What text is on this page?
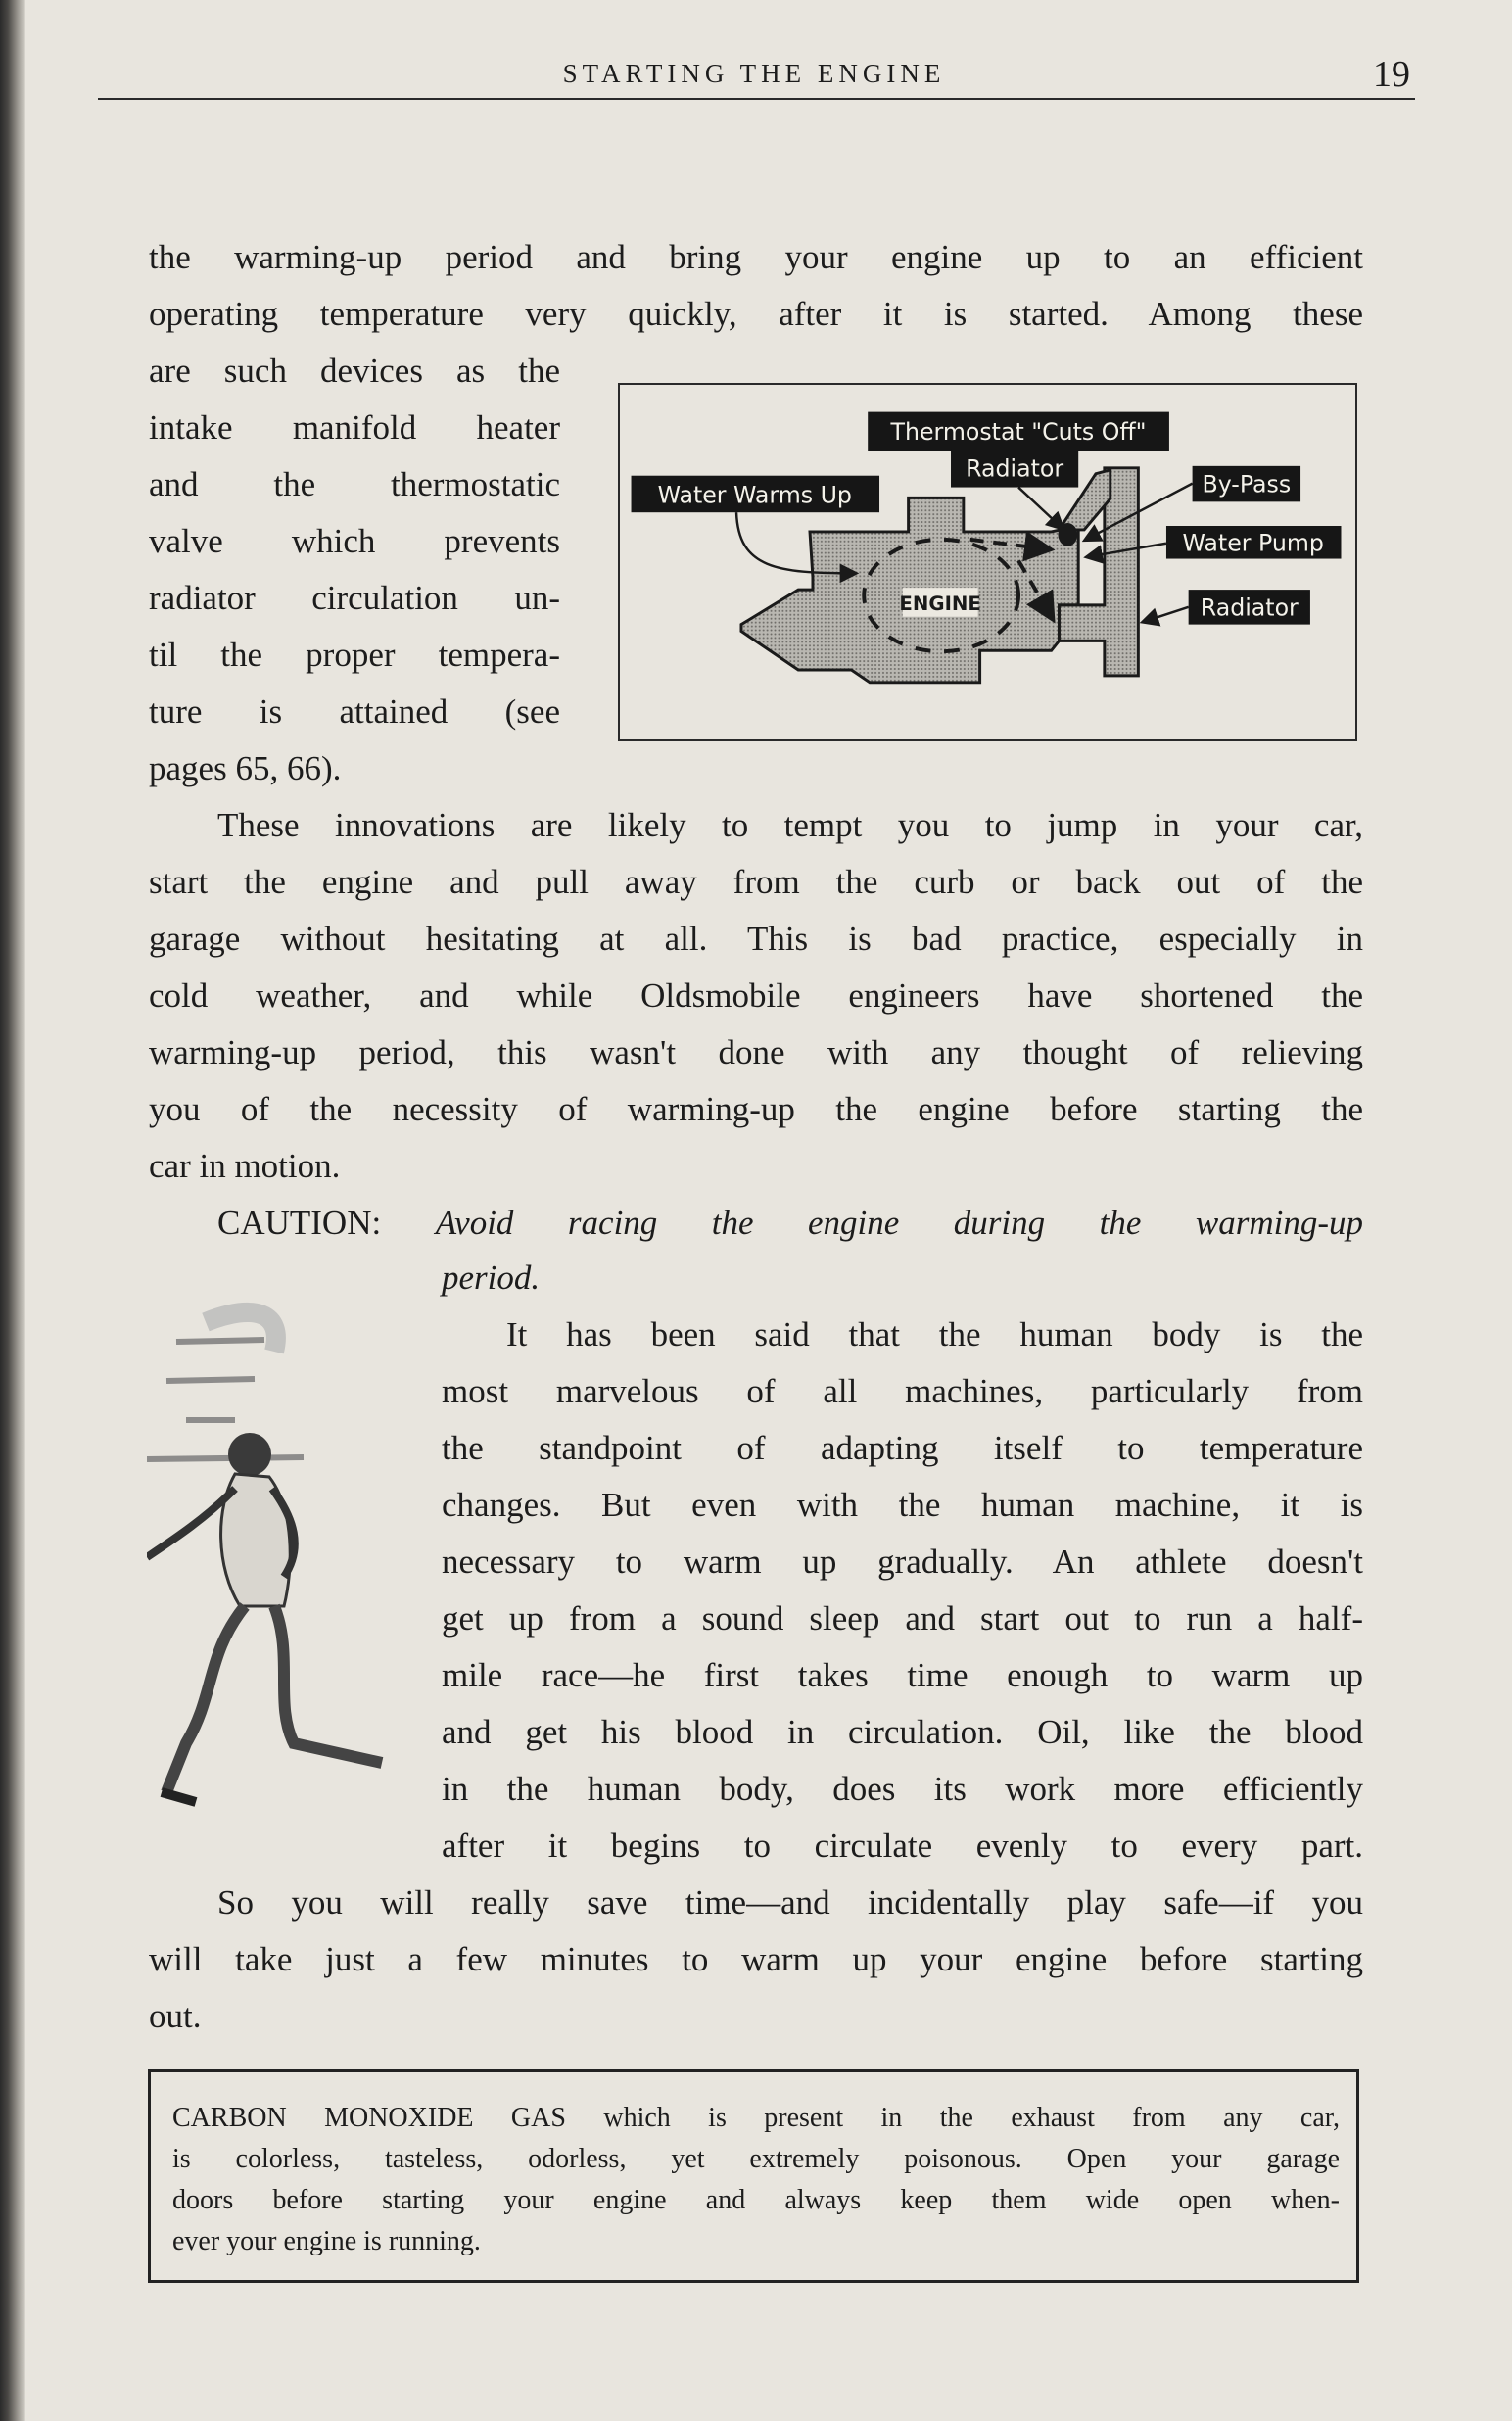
STARTING THE ENGINE	19
the warming-up period and bring your engine up to an efficient
operating temperature very quickly, after it is started. Among these
are such devices as the
intake manifold heater
and the thermostatic
valve which prevents
radiator circulation un-
til the proper tempera-
ture is attained (see
pages 65, 66).
ENGINE
Thermostat "Cuts Off"
Radiator
Water Warms Up	By-Pass
Water Pump
Radiator
These innovations are likely to tempt you to jump in your car,
start the engine and pull away from the curb or back out of the
garage without hesitating at all. This is bad practice, especially in
cold weather, and while Oldsmobile engineers have shortened the
warming-up period, this wasn't done with any thought of relieving
you of the necessity of warming-up the engine before starting the
car in motion.
CAUTION: Avoid racing the engine during the warming-up
period.
It has been said that the human body is the
most marvelous of all machines, particularly from
the standpoint of adapting itself to temperature
changes. But even with the human machine, it is
necessary to warm up gradually. An athlete doesn't
get up from a sound sleep and start out to run a half-
mile race—he first takes time enough to warm up
and get his blood in circulation. Oil, like the blood
in the human body, does its work more efficiently
after it begins to circulate evenly to every part.
So you will really save time—and incidentally play safe—if you
will take just a few minutes to warm up your engine before starting
out.
CARBON MONOXIDE GAS which is present in the exhaust from any car,
is colorless, tasteless, odorless, yet extremely poisonous. Open your garage
doors before starting your engine and always keep them wide open when-
ever your engine is running.
